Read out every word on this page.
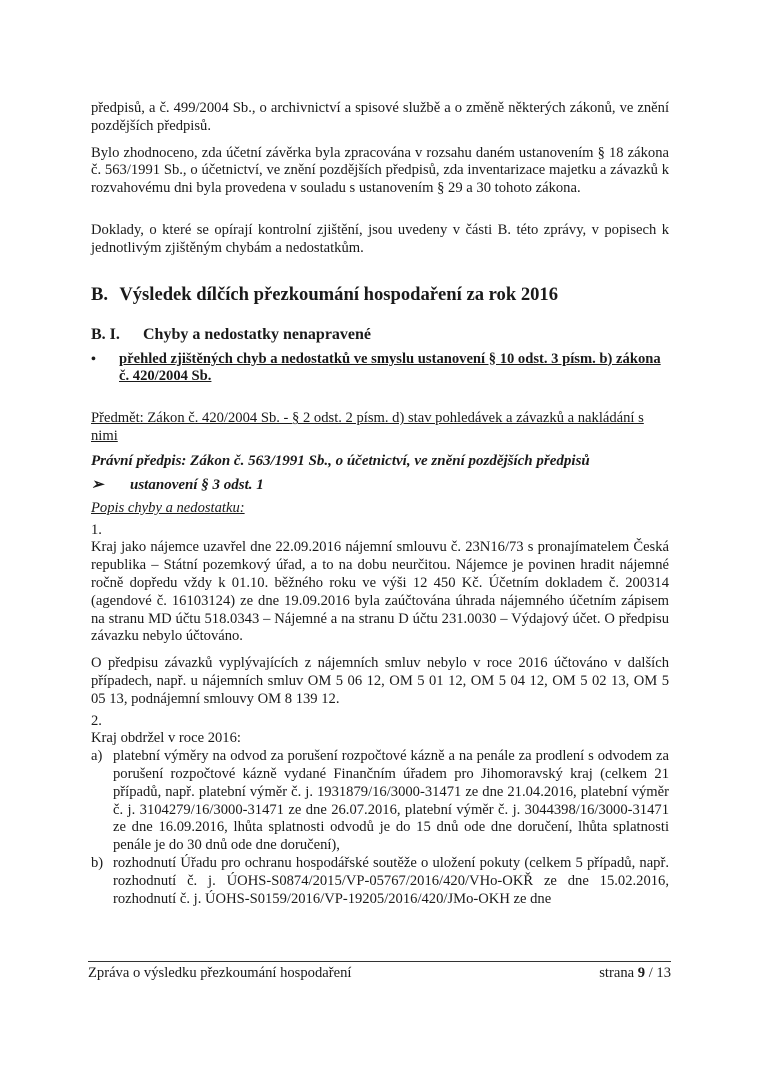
předpisů, a č. 499/2004 Sb., o archivnictví a spisové službě a o změně některých zákonů, ve znění pozdějších předpisů.

Bylo zhodnoceno, zda účetní závěrka byla zpracována v rozsahu daném ustanovením § 18 zákona č. 563/1991 Sb., o účetnictví, ve znění pozdějších předpisů, zda inventarizace majetku a závazků k rozvahovému dni byla provedena v souladu s ustanovením § 29 a 30 tohoto zákona.

Doklady, o které se opírají kontrolní zjištění, jsou uvedeny v části B. této zprávy, v popisech k jednotlivým zjištěným chybám a nedostatkům.

B. Výsledek dílčích přezkoumání hospodaření za rok 2016
B. I. Chyby a nedostatky nenapravené
•	přehled zjištěných chyb a nedostatků ve smyslu ustanovení § 10 odst. 3 písm. b) zákona č. 420/2004 Sb.

Předmět: Zákon č. 420/2004 Sb. - § 2 odst. 2 písm. d) stav pohledávek a závazků a nakládání s nimi

Právní předpis: Zákon č. 563/1991 Sb., o účetnictví, ve znění pozdějších předpisů

➢	ustanovení § 3 odst. 1

Popis chyby a nedostatku:

1.

Kraj jako nájemce uzavřel dne 22.09.2016 nájemní smlouvu č. 23N16/73 s pronajímatelem Česká republika – Státní pozemkový úřad, a to na dobu neurčitou. Nájemce je povinen hradit nájemné ročně dopředu vždy k 01.10. běžného roku ve výši 12 450 Kč. Účetním dokladem č. 200314 (agendové č. 16103124) ze dne 19.09.2016 byla zaúčtována úhrada nájemného účetním zápisem na stranu MD účtu 518.0343 – Nájemné a na stranu D účtu 231.0030 – Výdajový účet. O předpisu závazku nebylo účtováno.

O předpisu závazků vyplývajících z nájemních smluv nebylo v roce 2016 účtováno v dalších případech, např. u nájemních smluv OM 5 06 12, OM 5 01 12, OM 5 04 12, OM 5 02 13, OM 5 05 13, podnájemní smlouvy OM 8 139 12.

2.

Kraj obdržel v roce 2016:

a) platební výměry na odvod za porušení rozpočtové kázně a na penále za prodlení s odvodem za porušení rozpočtové kázně vydané Finančním úřadem pro Jihomoravský kraj (celkem 21 případů, např. platební výměr č. j. 1931879/16/3000-31471 ze dne 21.04.2016, platební výměr č. j. 3104279/16/3000-31471 ze dne 26.07.2016, platební výměr č. j. 3044398/16/3000-31471 ze dne 16.09.2016, lhůta splatnosti odvodů je do 15 dnů ode dne doručení, lhůta splatnosti penále je do 30 dnů ode dne doručení),
b) rozhodnutí Úřadu pro ochranu hospodářské soutěže o uložení pokuty (celkem 5 případů, např. rozhodnutí č. j. ÚOHS-S0874/2015/VP-05767/2016/420/VHo-OKŘ ze dne 15.02.2016, rozhodnutí č. j. ÚOHS-S0159/2016/VP-19205/2016/420/JMo-OKH ze dne
Zpráva o výsledku přezkoumání hospodaření	strana 9 / 13
